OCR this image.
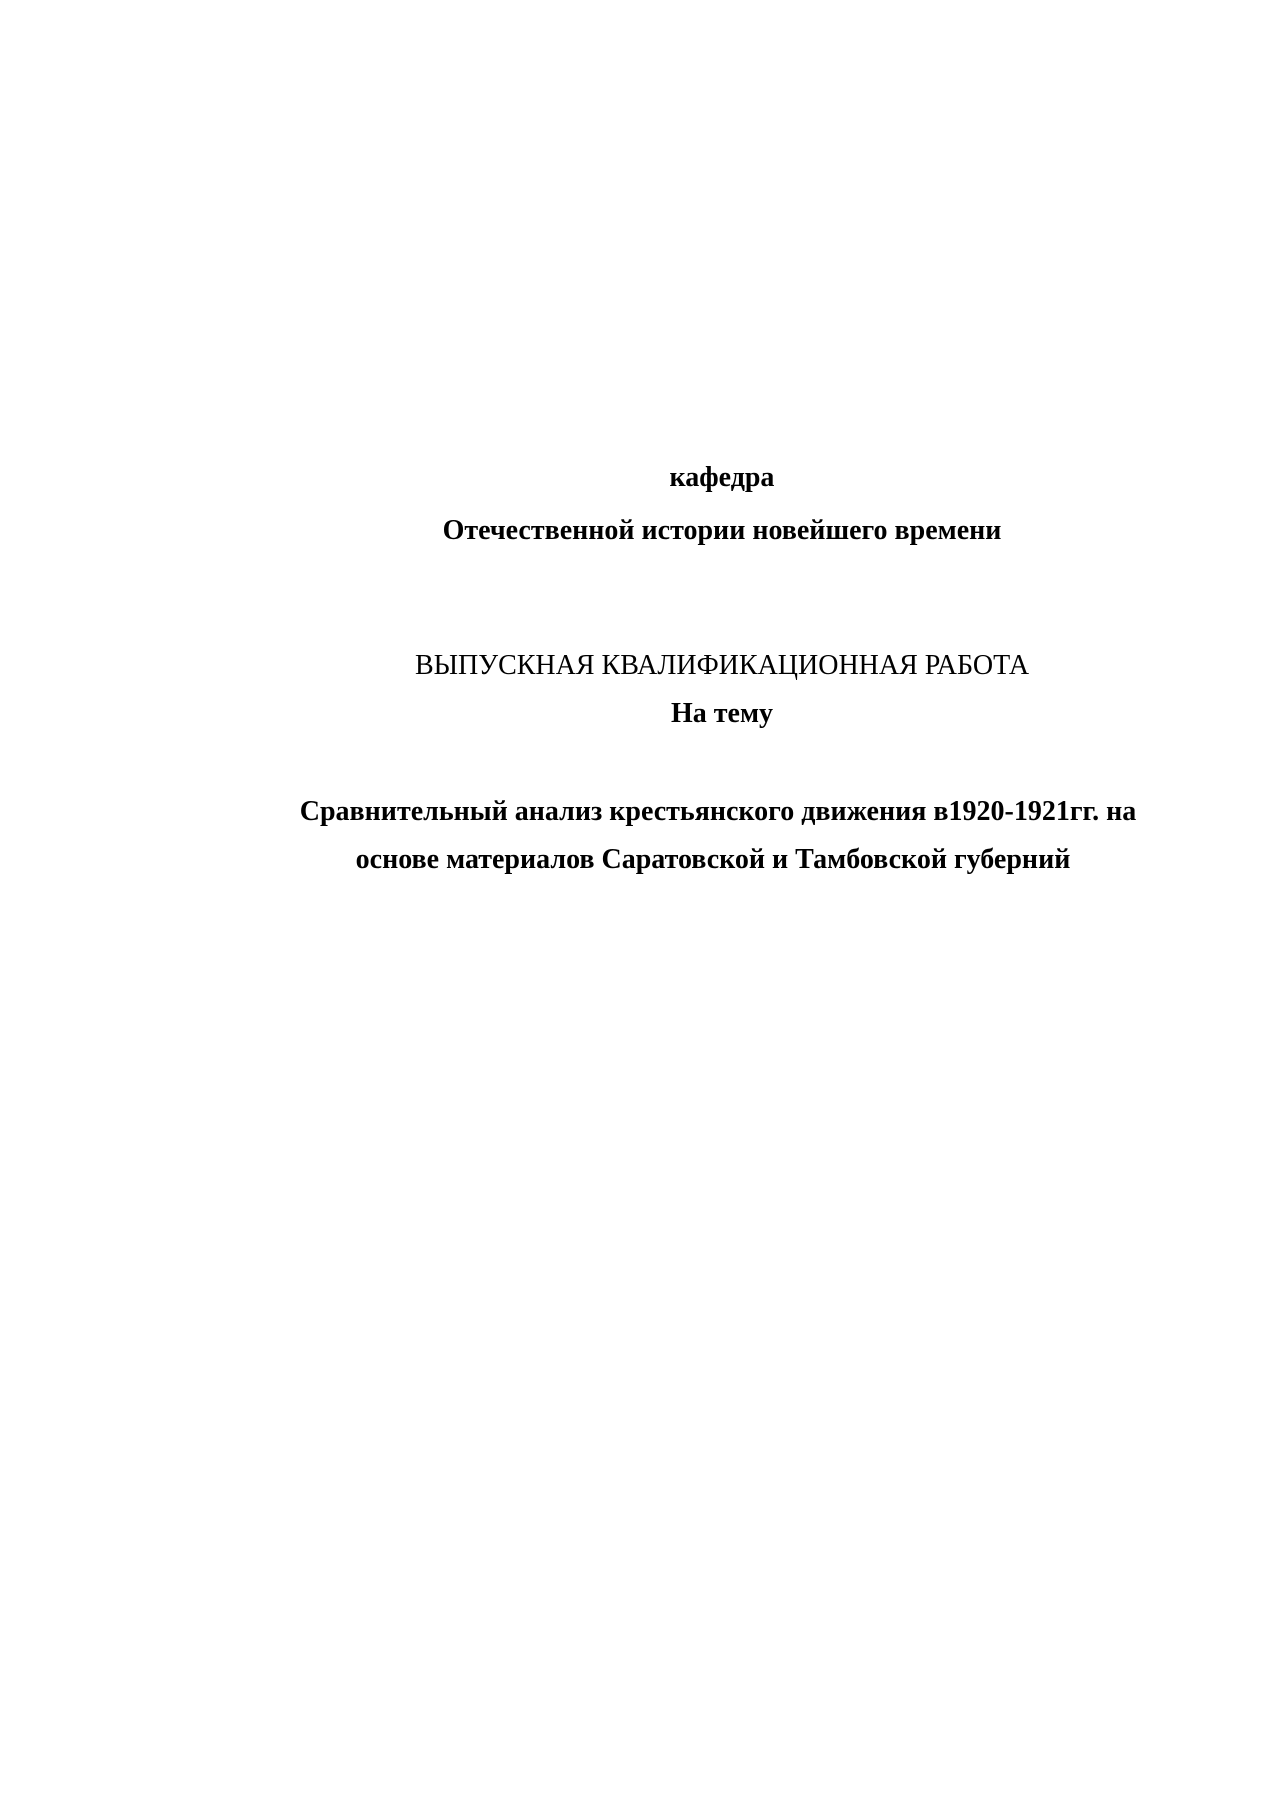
кафедра
Отечественной истории новейшего времени
ВЫПУСКНАЯ КВАЛИФИКАЦИОННАЯ РАБОТА

На тему

Сравнительный анализ крестьянского движения в1920-1921гг. на

основе материалов Саратовской и Тамбовской губерний
